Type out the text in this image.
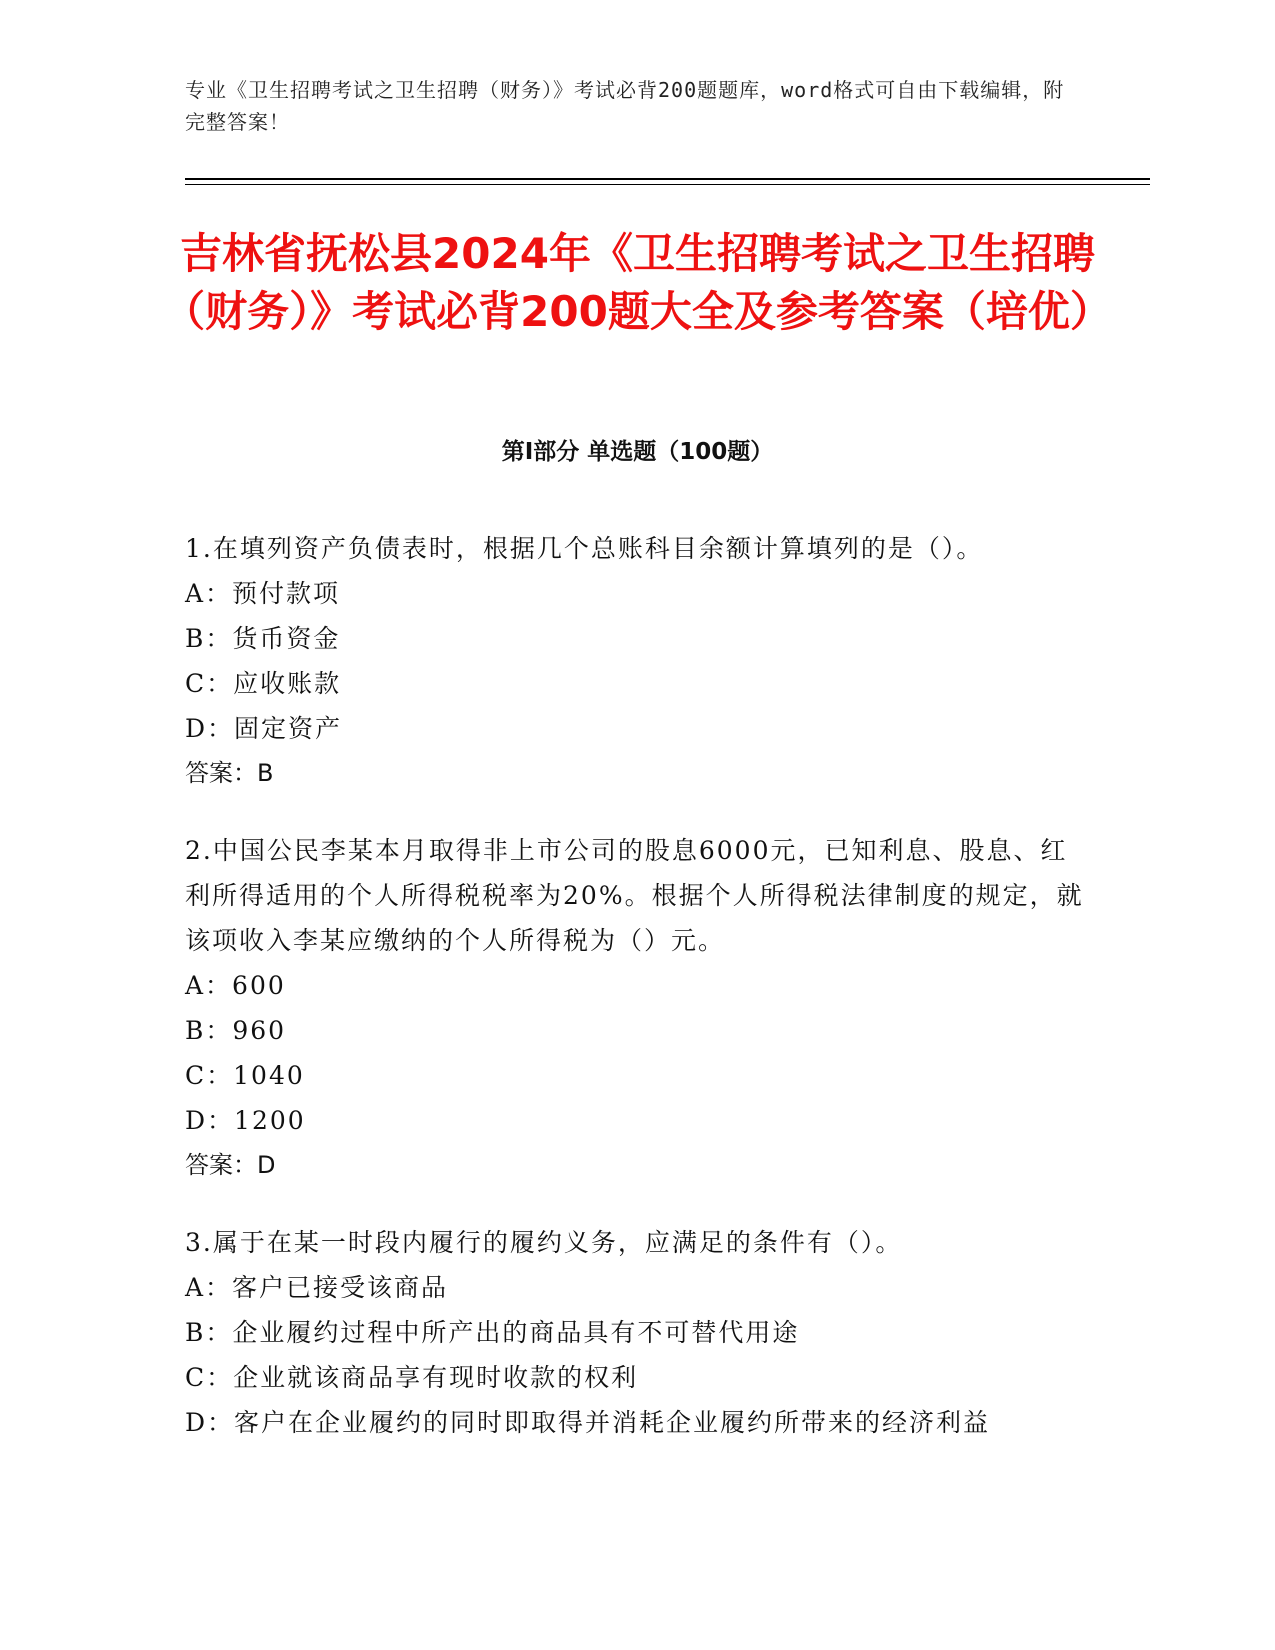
专业《卫生招聘考试之卫生招聘（财务）》考试必背200题题库，word格式可自由下载编辑，附完整答案！
吉林省抚松县2024年《卫生招聘考试之卫生招聘（财务）》考试必背200题大全及参考答案（培优）
第Ⅰ部分 单选题（100题）

1.在填列资产负债表时，根据几个总账科目余额计算填列的是（）。

A：预付款项

B：货币资金

C：应收账款

D：固定资产

答案：B

2.中国公民李某本月取得非上市公司的股息6000元，已知利息、股息、红利所得适用的个人所得税税率为20%。根据个人所得税法律制度的规定，就该项收入李某应缴纳的个人所得税为（）元。

A：600

B：960

C：1040

D：1200

答案：D

3.属于在某一时段内履行的履约义务，应满足的条件有（）。

A：客户已接受该商品

B：企业履约过程中所产出的商品具有不可替代用途

C：企业就该商品享有现时收款的权利

D：客户在企业履约的同时即取得并消耗企业履约所带来的经济利益
